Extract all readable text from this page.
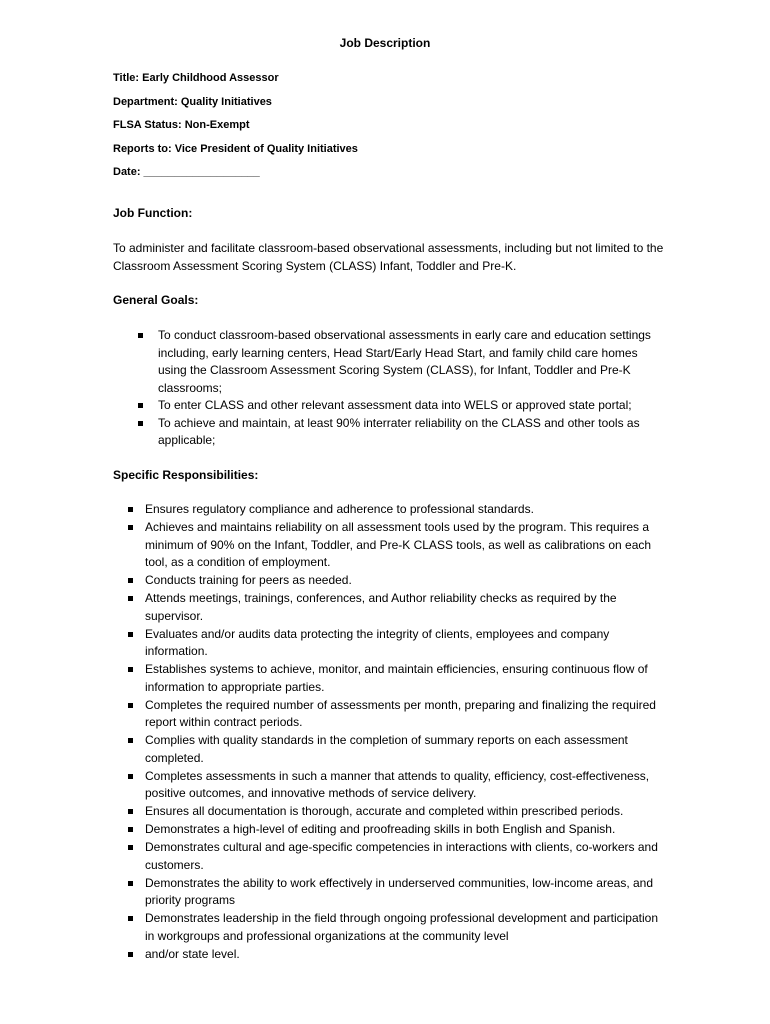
Job Description
Title: Early Childhood Assessor
Department: Quality Initiatives
FLSA Status: Non-Exempt
Reports to: Vice President of Quality Initiatives
Date: ___________________
Job Function:
To administer and facilitate classroom-based observational assessments, including but not limited to the Classroom Assessment Scoring System (CLASS) Infant, Toddler and Pre-K.
General Goals:
To conduct classroom-based observational assessments in early care and education settings including, early learning centers, Head Start/Early Head Start, and family child care homes using the Classroom Assessment Scoring System (CLASS), for Infant, Toddler and Pre-K classrooms;
To enter CLASS and other relevant assessment data into WELS or approved state portal;
To achieve and maintain, at least 90% interrater reliability on the CLASS and other tools as applicable;
Specific Responsibilities:
Ensures regulatory compliance and adherence to professional standards.
Achieves and maintains reliability on all assessment tools used by the program. This requires a minimum of 90% on the Infant, Toddler, and Pre-K CLASS tools, as well as calibrations on each tool, as a condition of employment.
Conducts training for peers as needed.
Attends meetings, trainings, conferences, and Author reliability checks as required by the supervisor.
Evaluates and/or audits data protecting the integrity of clients, employees and company information.
Establishes systems to achieve, monitor, and maintain efficiencies, ensuring continuous flow of information to appropriate parties.
Completes the required number of assessments per month, preparing and finalizing the required report within contract periods.
Complies with quality standards in the completion of summary reports on each assessment completed.
Completes assessments in such a manner that attends to quality, efficiency, cost-effectiveness, positive outcomes, and innovative methods of service delivery.
Ensures all documentation is thorough, accurate and completed within prescribed periods.
Demonstrates a high-level of editing and proofreading skills in both English and Spanish.
Demonstrates cultural and age-specific competencies in interactions with clients, co-workers and customers.
Demonstrates the ability to work effectively in underserved communities, low-income areas, and priority programs
Demonstrates leadership in the field through ongoing professional development and participation in workgroups and professional organizations at the community level
and/or state level.
